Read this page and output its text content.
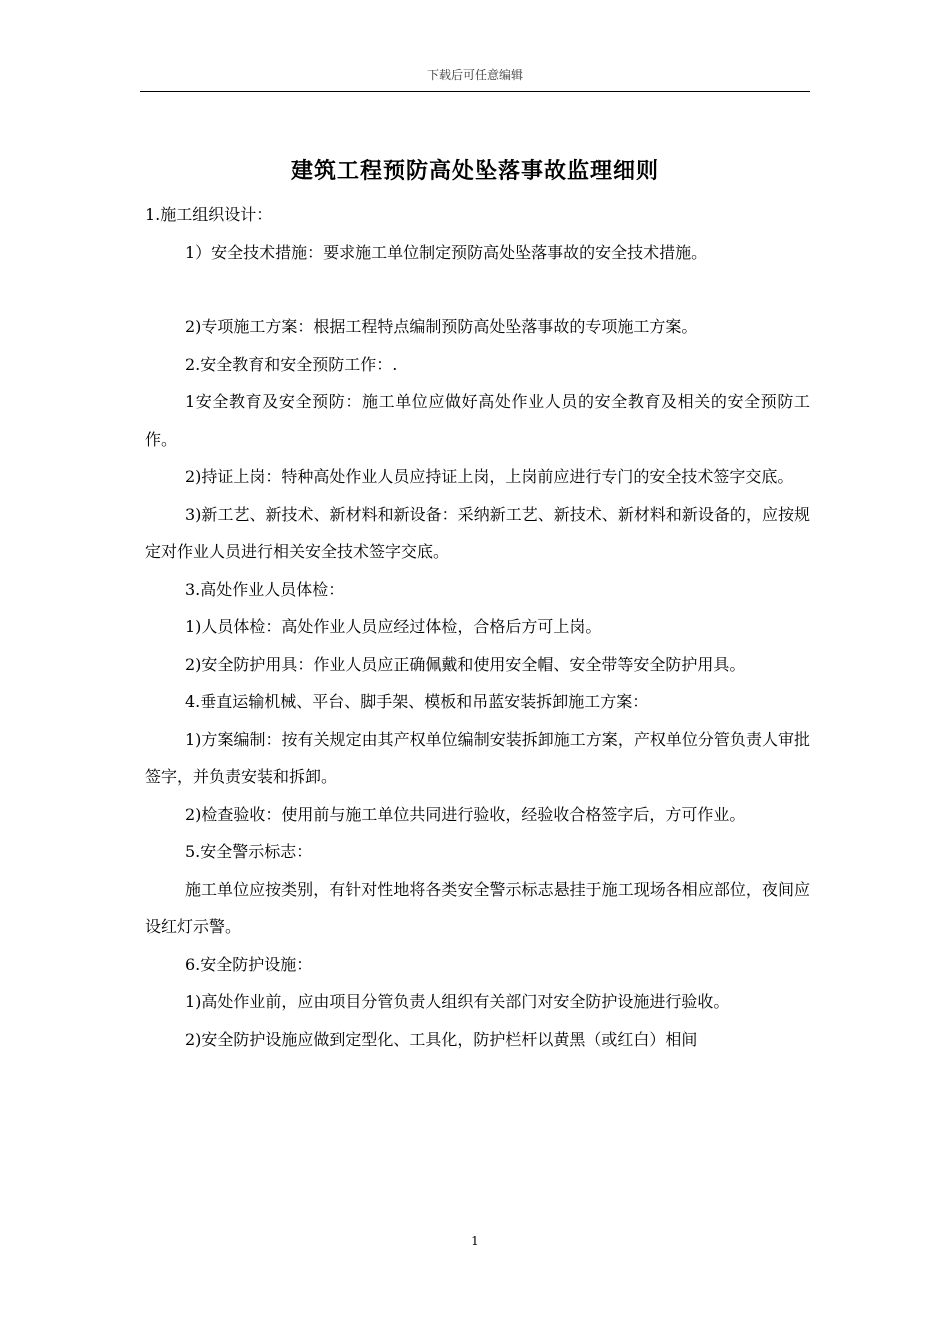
下载后可任意编辑
建筑工程预防高处坠落事故监理细则

1.施工组织设计：

1）安全技术措施：要求施工单位制定预防高处坠落事故的安全技术措施。

2)专项施工方案：根据工程特点编制预防高处坠落事故的专项施工方案。

2.安全教育和安全预防工作：.

1安全教育及安全预防：施工单位应做好高处作业人员的安全教育及相关的安全预防工作。

2)持证上岗：特种高处作业人员应持证上岗，上岗前应进行专门的安全技术签字交底。

3)新工艺、新技术、新材料和新设备：采纳新工艺、新技术、新材料和新设备的，应按规定对作业人员进行相关安全技术签字交底。

3.高处作业人员体检：

1)人员体检：高处作业人员应经过体检，合格后方可上岗。

2)安全防护用具：作业人员应正确佩戴和使用安全帽、安全带等安全防护用具。

4.垂直运输机械、平台、脚手架、模板和吊蓝安装拆卸施工方案：

1)方案编制：按有关规定由其产权单位编制安装拆卸施工方案，产权单位分管负责人审批签字，并负责安装和拆卸。

2)检查验收：使用前与施工单位共同进行验收，经验收合格签字后，方可作业。

5.安全警示标志：

施工单位应按类别，有针对性地将各类安全警示标志悬挂于施工现场各相应部位，夜间应设红灯示警。

6.安全防护设施：

1)高处作业前，应由项目分管负责人组织有关部门对安全防护设施进行验收。

2)安全防护设施应做到定型化、工具化，防护栏杆以黄黑（或红白）相间

1
